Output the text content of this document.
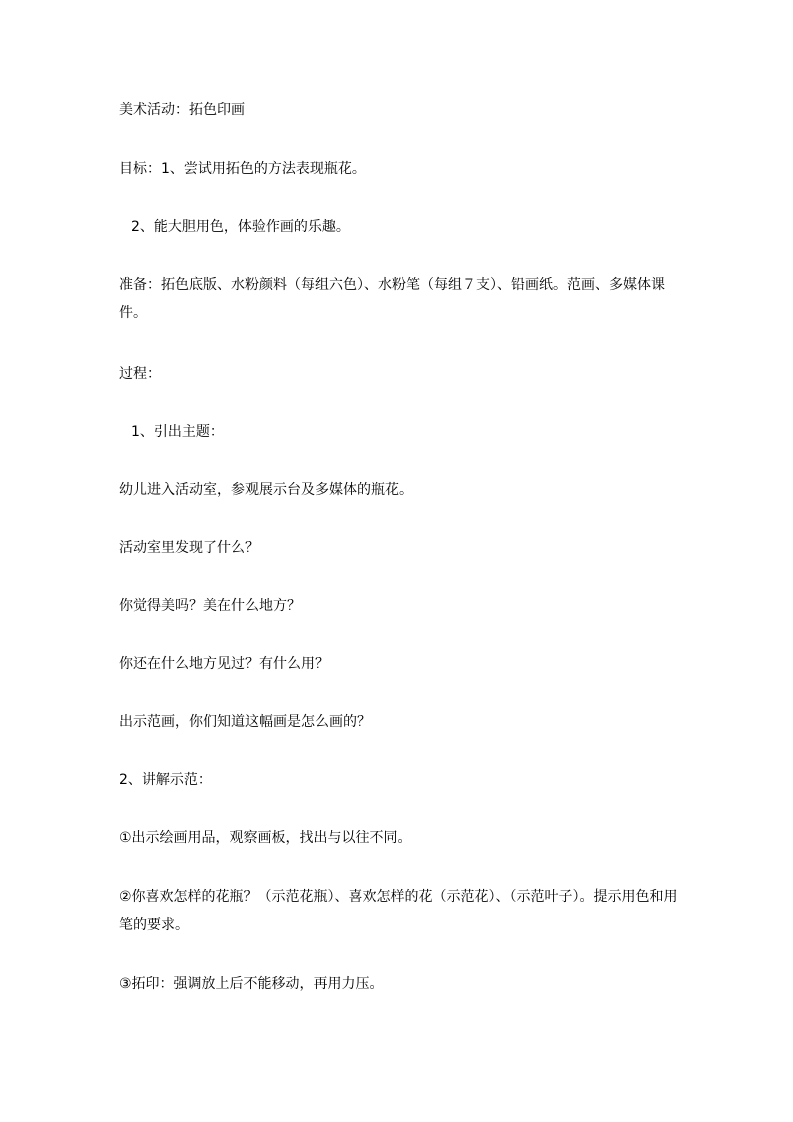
美术活动：拓色印画
目标：1、尝试用拓色的方法表现瓶花。
2、能大胆用色，体验作画的乐趣。
准备：拓色底版、水粉颜料（每组六色）、水粉笔（每组７支）、铅画纸。范画、多媒体课件。
过程：
1、引出主题：
幼儿进入活动室，参观展示台及多媒体的瓶花。
活动室里发现了什么？
你觉得美吗？美在什么地方？
你还在什么地方见过？有什么用？
出示范画，你们知道这幅画是怎么画的？
2、讲解示范：
①出示绘画用品，观察画板，找出与以往不同。
②你喜欢怎样的花瓶？（示范花瓶）、喜欢怎样的花（示范花）、（示范叶子）。提示用色和用笔的要求。
③拓印：强调放上后不能移动，再用力压。
